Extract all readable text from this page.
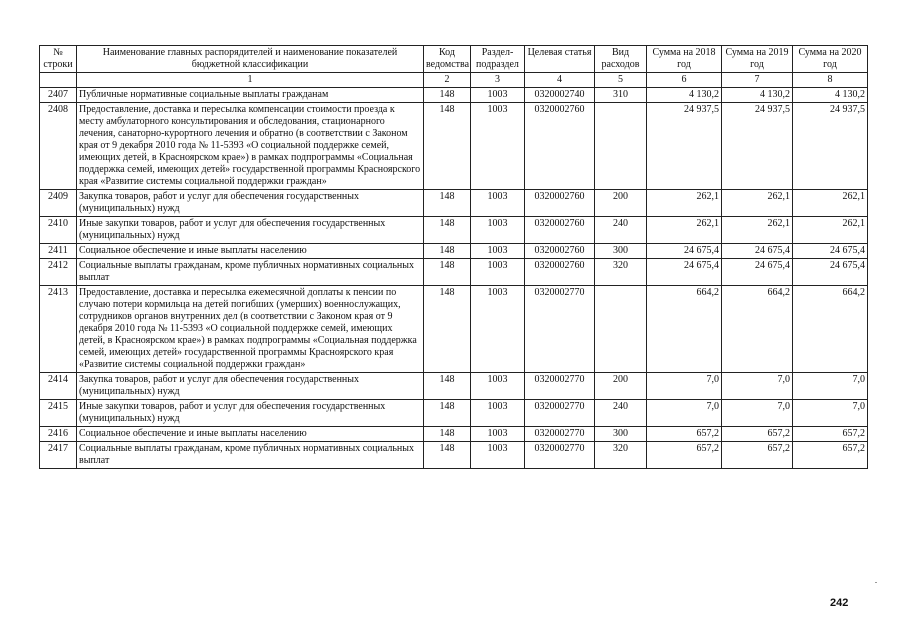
№ строки	Наименование главных распорядителей и наименование показателей бюджетной классификации	Код ведомства	Раздел-подраздел	Целевая статья	Вид расходов	Сумма на 2018 год	Сумма на 2019 год	Сумма на 2020 год
	1	2	3	4	5	6	7	8
2407	Публичные нормативные социальные выплаты гражданам	148	1003	0320002740	310	4 130,2	4 130,2	4 130,2
2408	Предоставление, доставка и пересылка компенсации стоимости проезда к месту амбулаторного консультирования и обследования, стационарного лечения, санаторно-курортного лечения и обратно (в соответствии с Законом края от 9 декабря 2010 года № 11-5393 «О социальной поддержке семей, имеющих детей, в Красноярском крае») в рамках подпрограммы «Социальная поддержка семей, имеющих детей» государственной программы Красноярского края «Развитие системы социальной поддержки граждан»	148	1003	0320002760		24 937,5	24 937,5	24 937,5
2409	Закупка товаров, работ и услуг для обеспечения государственных (муниципальных) нужд	148	1003	0320002760	200	262,1	262,1	262,1
2410	Иные закупки товаров, работ и услуг для обеспечения государственных (муниципальных) нужд	148	1003	0320002760	240	262,1	262,1	262,1
2411	Социальное обеспечение и иные выплаты населению	148	1003	0320002760	300	24 675,4	24 675,4	24 675,4
2412	Социальные выплаты гражданам, кроме публичных нормативных социальных выплат	148	1003	0320002760	320	24 675,4	24 675,4	24 675,4
2413	Предоставление, доставка и пересылка ежемесячной доплаты к пенсии по случаю потери кормильца на детей погибших (умерших) военнослужащих, сотрудников органов внутренних дел (в соответствии с Законом края от 9 декабря 2010 года № 11-5393 «О социальной поддержке семей, имеющих детей, в Красноярском крае») в рамках подпрограммы «Социальная поддержка семей, имеющих детей» государственной программы Красноярского края «Развитие системы социальной поддержки граждан»	148	1003	0320002770		664,2	664,2	664,2
2414	Закупка товаров, работ и услуг для обеспечения государственных (муниципальных) нужд	148	1003	0320002770	200	7,0	7,0	7,0
2415	Иные закупки товаров, работ и услуг для обеспечения государственных (муниципальных) нужд	148	1003	0320002770	240	7,0	7,0	7,0
2416	Социальное обеспечение и иные выплаты населению	148	1003	0320002770	300	657,2	657,2	657,2
2417	Социальные выплаты гражданам, кроме публичных нормативных социальных выплат	148	1003	0320002770	320	657,2	657,2	657,2
242
